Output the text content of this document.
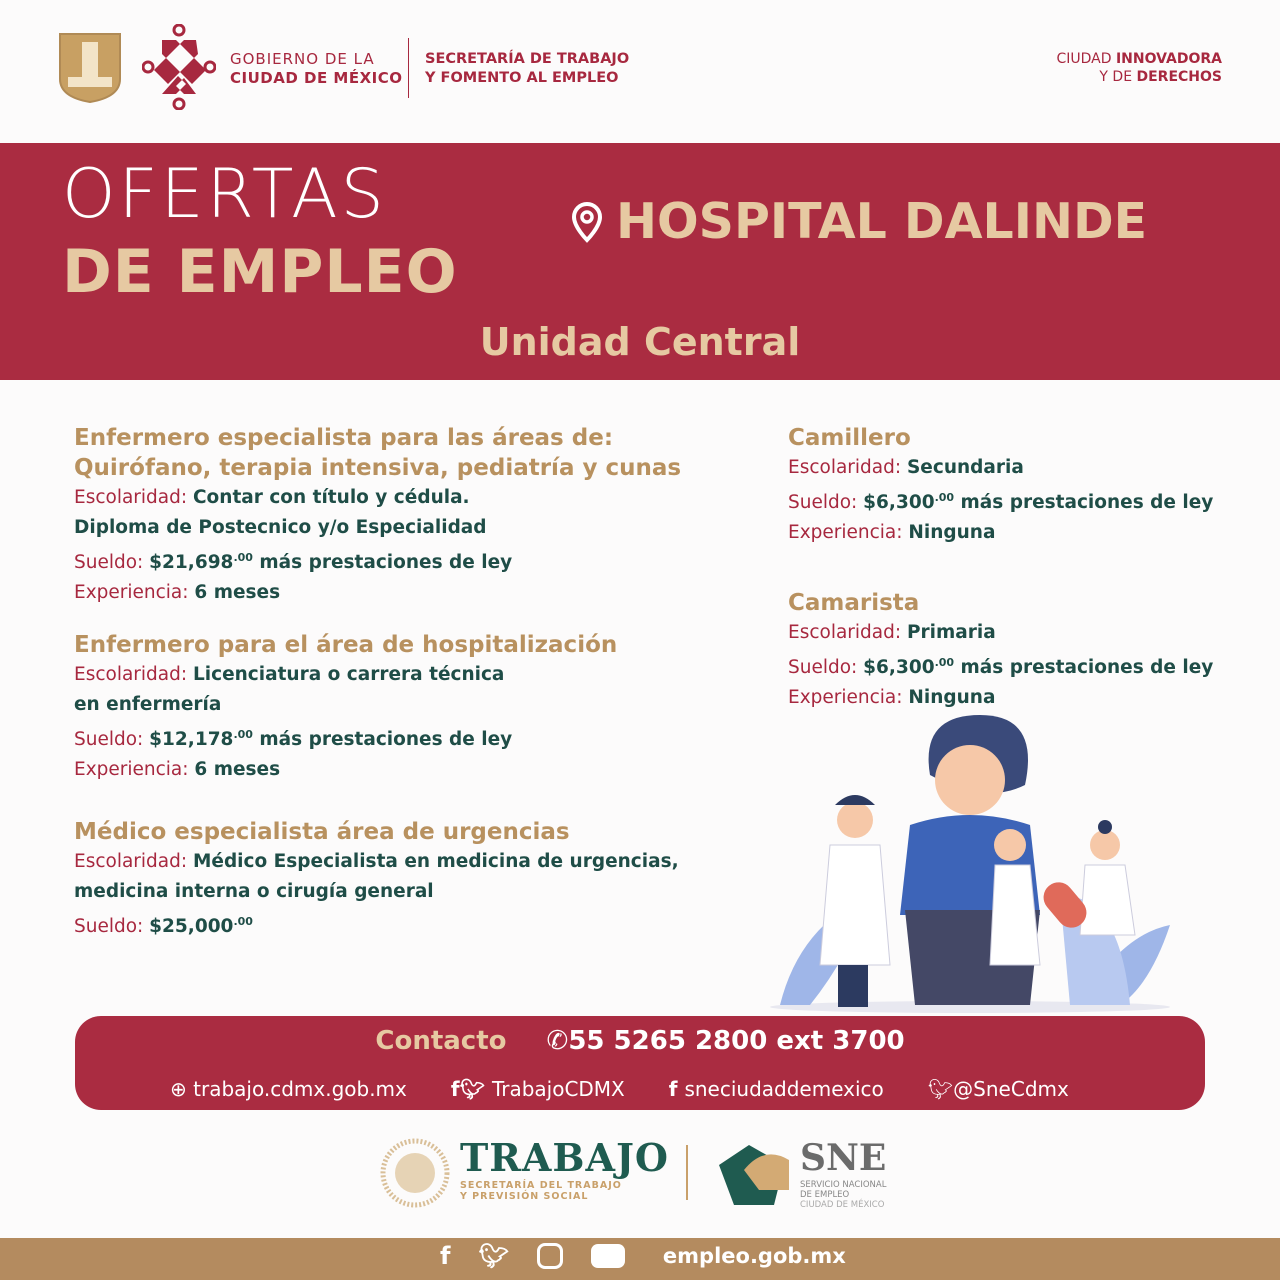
GOBIERNO DE LA
CIUDAD DE MÉXICO
SECRETARÍA DE TRABAJO
Y FOMENTO AL EMPLEO
CIUDAD INNOVADORA
Y DE DERECHOS
OFERTAS
DE EMPLEO
HOSPITAL DALINDE
Unidad Central
Enfermero especialista para las áreas de:
Quirófano, terapia intensiva, pediatría y cunas

Escolaridad: Contar con título y cédula.

Diploma de Postecnico y/o Especialidad

Sueldo: $\$21,698^{.00}$ más prestaciones de ley

Experiencia: 6 meses

Enfermero para el área de hospitalización

Escolaridad: Licenciatura o carrera técnica

en enfermería

Sueldo: $\$12,178^{.00}$ más prestaciones de ley

Experiencia: 6 meses

Médico especialista área de urgencias

Escolaridad: Médico Especialista en medicina de urgencias,

medicina interna o cirugía general

Sueldo: $\$25,000^{.00}$

Camillero

Escolaridad: Secundaria

Sueldo: $\$6,300^{.00}$ más prestaciones de ley

Experiencia: Ninguna

Camarista

Escolaridad: Primaria

Sueldo: $\$6,300^{.00}$ más prestaciones de ley

Experiencia: Ninguna

Contacto ✆55 5265 2800 ext 3700
⊕ trabajo.cdmx.gob.mx f🐦︎ TrabajoCDMX f sneciudaddemexico 🐦︎@SneCdmx
TRABAJO
SECRETARÍA DEL TRABAJO
Y PREVISIÓN SOCIAL
SNE
SERVICIO NACIONAL
DE EMPLEO
CIUDAD DE MÉXICO
f 🐦︎	empleo.gob.mx
